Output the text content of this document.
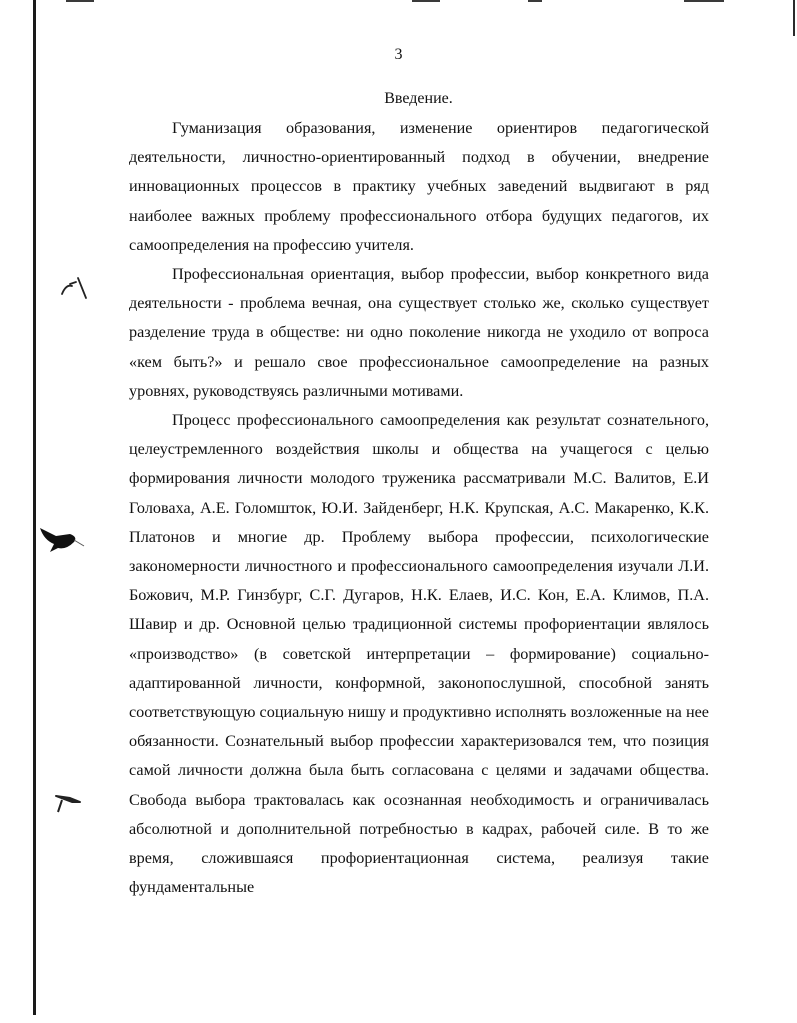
3
Введение.

Гуманизация образования, изменение ориентиров педагогической деятельности, личностно-ориентированный подход в обучении, внедрение инновационных процессов в практику учебных заведений выдвигают в ряд наиболее важных проблему профессионального отбора будущих педагогов, их самоопределения на профессию учителя.

Профессиональная ориентация, выбор профессии, выбор конкретного вида деятельности - проблема вечная, она существует столько же, сколько существует разделение труда в обществе: ни одно поколение никогда не уходило от вопроса «кем быть?» и решало свое профессиональное самоопределение на разных уровнях, руководствуясь различными мотивами.

Процесс профессионального самоопределения как результат сознательного, целеустремленного воздействия школы и общества на учащегося с целью формирования личности молодого труженика рассматривали М.С. Валитов, Е.И Головаха, А.Е. Голомшток, Ю.И. Зайденберг, Н.К. Крупская, А.С. Макаренко, К.К. Платонов и многие др. Проблему выбора профессии, психологические закономерности личностного и профессионального самоопределения изучали Л.И. Божович, М.Р. Гинзбург, С.Г. Дугаров, Н.К. Елаев, И.С. Кон, Е.А. Климов, П.А. Шавир и др. Основной целью традиционной системы профориентации являлось «производство» (в советской интерпретации – формирование) социально-адаптированной личности, конформной, законопослушной, способной занять соответствующую социальную нишу и продуктивно исполнять возложенные на нее обязанности. Сознательный выбор профессии характеризовался тем, что позиция самой личности должна была быть согласована с целями и задачами общества. Свобода выбора трактовалась как осознанная необходимость и ограничивалась абсолютной и дополнительной потребностью в кадрах, рабочей силе. В то же время, сложившаяся профориентационная система, реализуя такие фундаментальные
